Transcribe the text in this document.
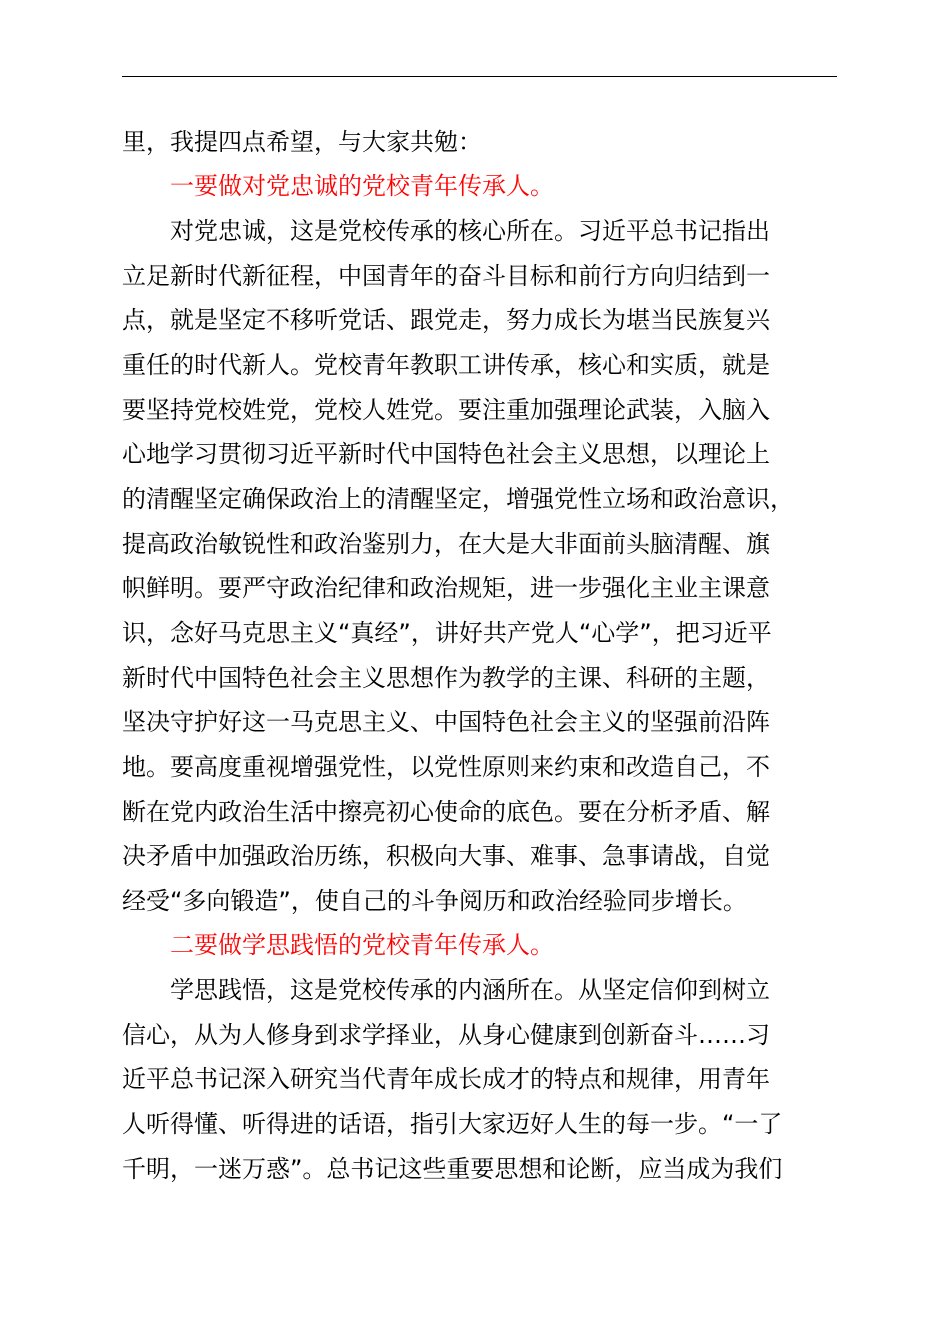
里，我提四点希望，与大家共勉：
一要做对党忠诚的党校青年传承人。
对党忠诚，这是党校传承的核心所在。习近平总书记指出
立足新时代新征程，中国青年的奋斗目标和前行方向归结到一
点，就是坚定不移听党话、跟党走，努力成长为堪当民族复兴
重任的时代新人。党校青年教职工讲传承，核心和实质，就是
要坚持党校姓党，党校人姓党。要注重加强理论武装，入脑入
心地学习贯彻习近平新时代中国特色社会主义思想，以理论上
的清醒坚定确保政治上的清醒坚定，增强党性立场和政治意识，
提高政治敏锐性和政治鉴别力，在大是大非面前头脑清醒、旗
帜鲜明。要严守政治纪律和政治规矩，进一步强化主业主课意
识，念好马克思主义“真经”，讲好共产党人“心学”，把习近平
新时代中国特色社会主义思想作为教学的主课、科研的主题，
坚决守护好这一马克思主义、中国特色社会主义的坚强前沿阵
地。要高度重视增强党性，以党性原则来约束和改造自己，不
断在党内政治生活中擦亮初心使命的底色。要在分析矛盾、解
决矛盾中加强政治历练，积极向大事、难事、急事请战，自觉
经受“多向锻造”，使自己的斗争阅历和政治经验同步增长。
二要做学思践悟的党校青年传承人。
学思践悟，这是党校传承的内涵所在。从坚定信仰到树立
信心，从为人修身到求学择业，从身心健康到创新奋斗……习
近平总书记深入研究当代青年成长成才的特点和规律，用青年
人听得懂、听得进的话语，指引大家迈好人生的每一步。“一了
千明，一迷万惑”。总书记这些重要思想和论断，应当成为我们
